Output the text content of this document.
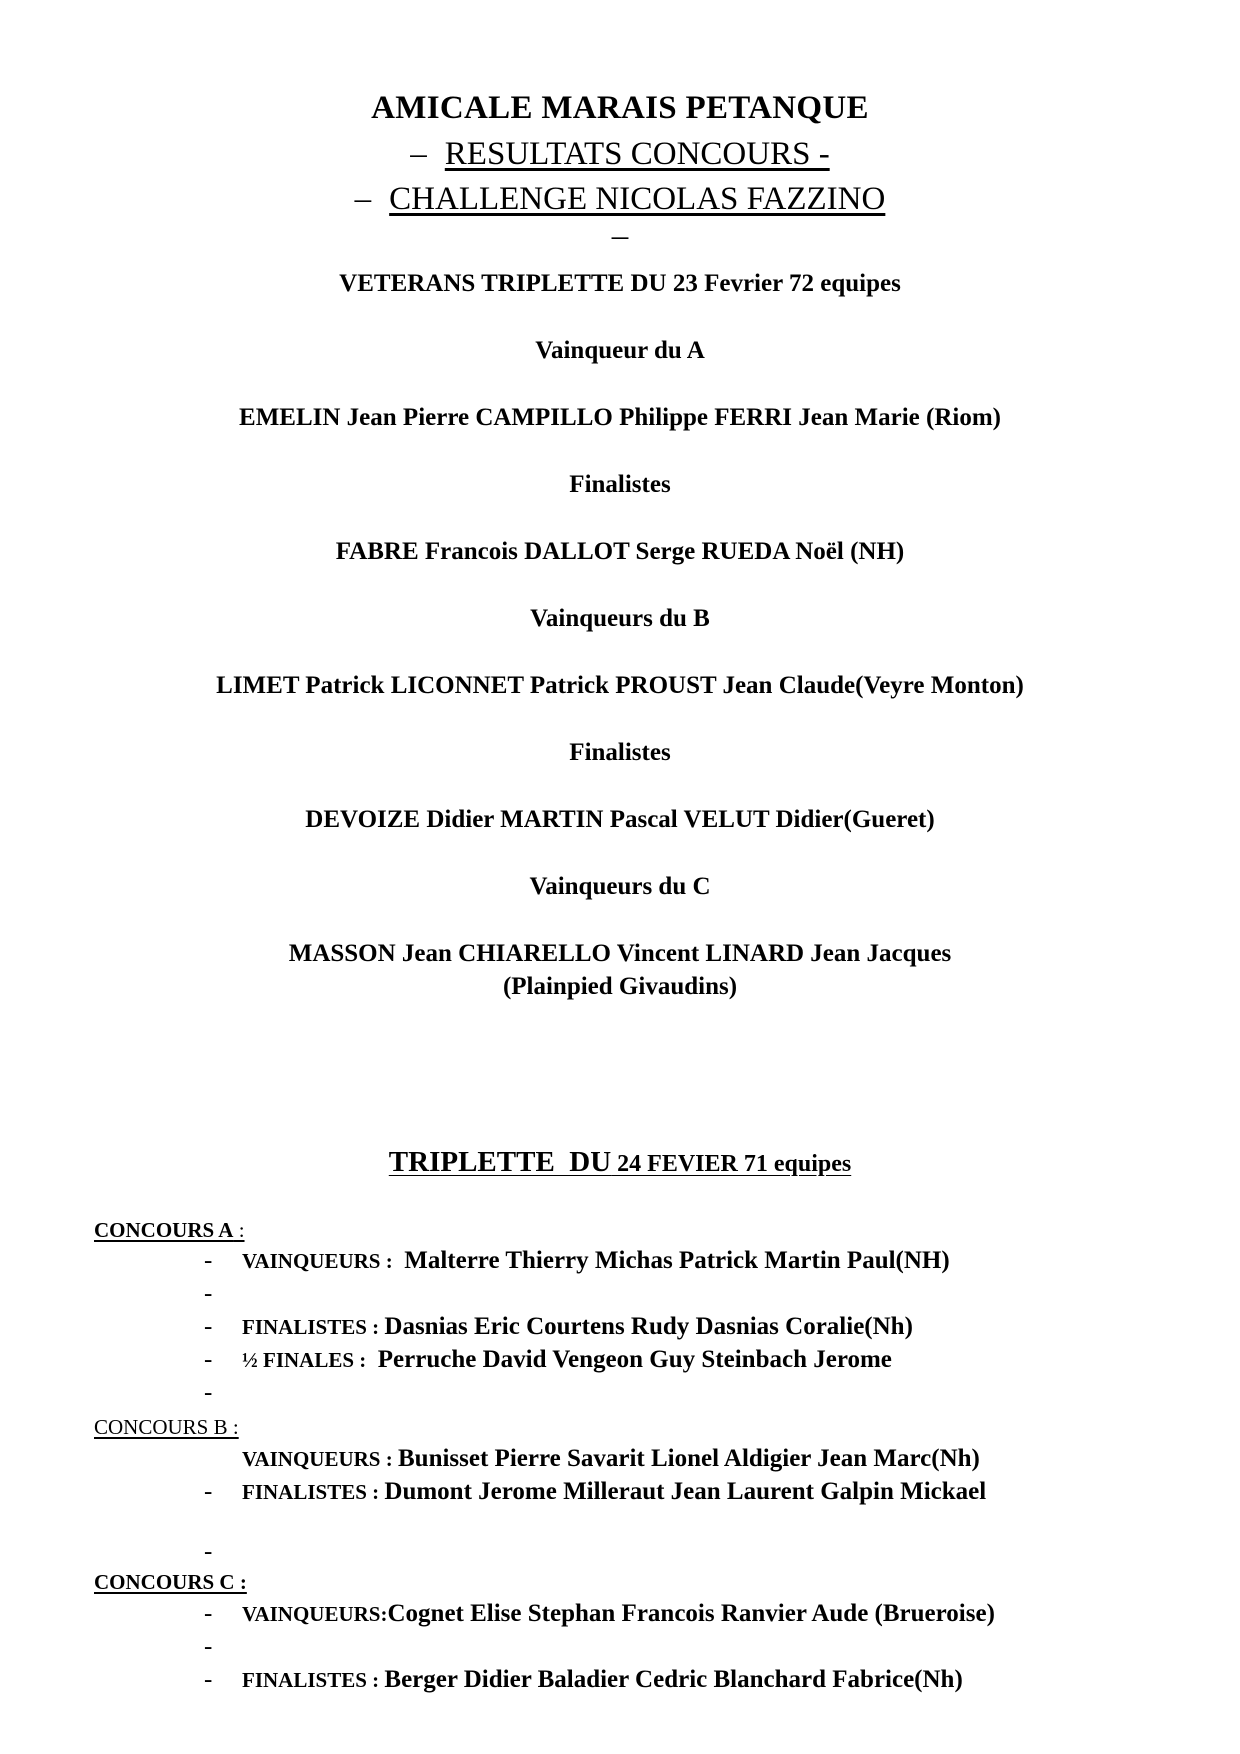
AMICALE MARAIS PETANQUE
– RESULTATS CONCOURS -
– CHALLENGE NICOLAS FAZZINO
–
VETERANS TRIPLETTE DU 23 Fevrier 72 equipes
Vainqueur du A
EMELIN Jean Pierre CAMPILLO Philippe FERRI Jean Marie (Riom)
Finalistes
FABRE Francois DALLOT Serge RUEDA Noël (NH)
Vainqueurs du B
LIMET Patrick LICONNET Patrick PROUST Jean Claude(Veyre Monton)
Finalistes
DEVOIZE Didier MARTIN Pascal VELUT Didier(Gueret)
Vainqueurs du C
MASSON Jean CHIARELLO Vincent LINARD Jean Jacques
(Plainpied Givaudins)
TRIPLETTE  DU 24 FEVIER 71 equipes
CONCOURS A :
- VAINQUEURS :  Malterre Thierry Michas Patrick Martin Paul(NH)
-
- FINALISTES : Dasnias Eric Courtens Rudy Dasnias Coralie(Nh)
- ½ FINALES :  Perruche David Vengeon Guy Steinbach Jerome
-
CONCOURS B :
VAINQUEURS : Bunisset Pierre Savarit Lionel Aldigier Jean Marc(Nh)
- FINALISTES : Dumont Jerome Milleraut Jean Laurent Galpin Mickael
-
CONCOURS C :
- VAINQUEURS:Cognet Elise Stephan Francois Ranvier Aude (Brueroise)
-
- FINALISTES : Berger Didier Baladier Cedric Blanchard Fabrice(Nh)
